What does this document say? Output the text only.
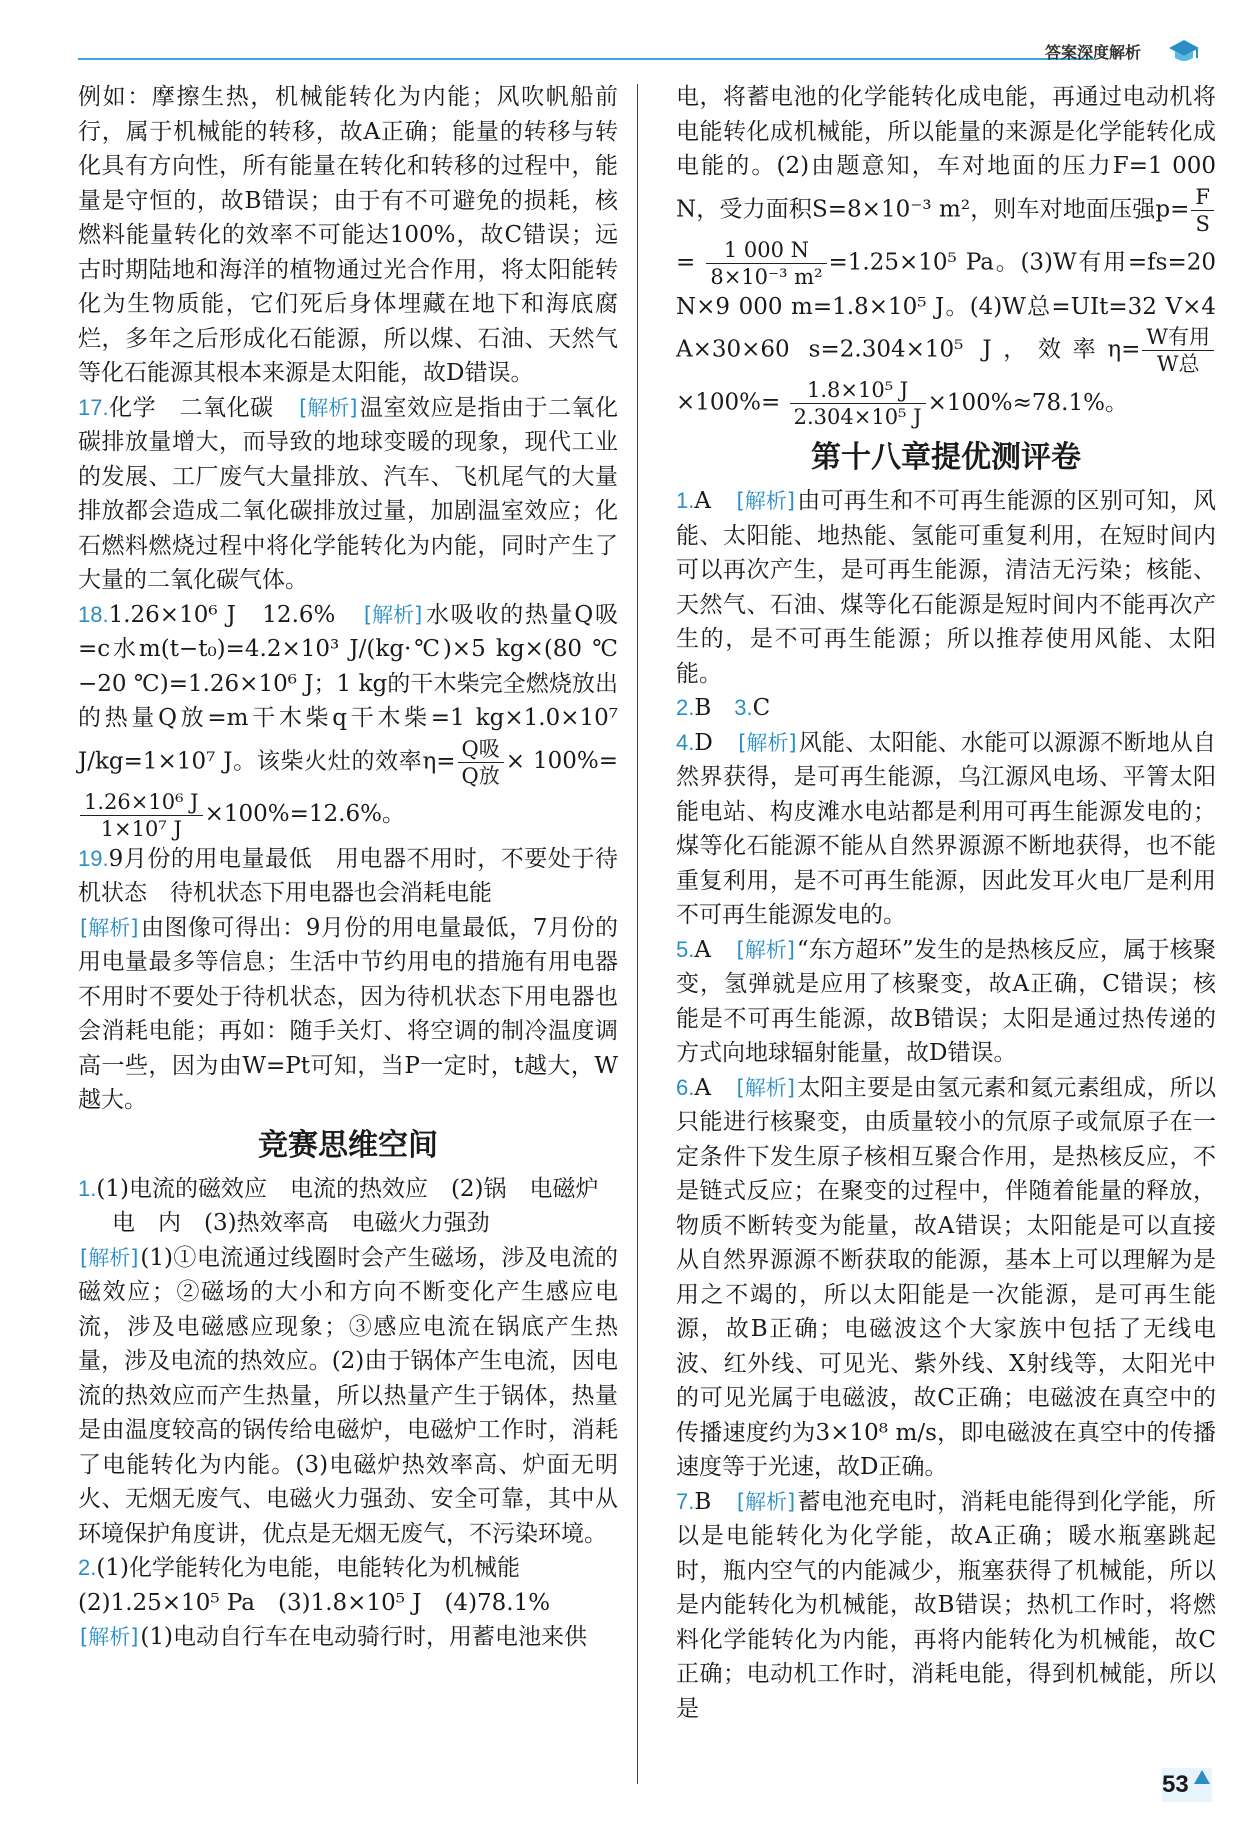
答案深度解析

例如：摩擦生热，机械能转化为内能；风吹帆船前行，属于机械能的转移，故A正确；能量的转移与转化具有方向性，所有能量在转化和转移的过程中，能量是守恒的，故B错误；由于有不可避免的损耗，核燃料能量转化的效率不可能达100%，故C错误；远古时期陆地和海洋的植物通过光合作用，将太阳能转化为生物质能，它们死后身体埋藏在地下和海底腐烂，多年之后形成化石能源，所以煤、石油、天然气等化石能源其根本来源是太阳能，故D错误。

17.化学　二氧化碳　 [ 解析 ] 温室效应是指由于二氧化碳排放量增大，而导致的地球变暖的现象，现代工业的发展、工厂废气大量排放、汽车、飞机尾气的大量排放都会造成二氧化碳排放过量，加剧温室效应；化石燃料燃烧过程中将化学能转化为内能，同时产生了大量的二氧化碳气体。

18.1.26×10⁶ J　12.6%　 [ 解析 ] 水吸收的热量Q吸=c水m(t−t₀)=4.2×10³ J/(kg·℃)×5 kg×(80 ℃−20 ℃)=1.26×10⁶ J；1 kg的干木柴完全燃烧放出的热量Q放=m干木柴q干木柴=1 kg×1.0×10⁷ J/kg=1×10⁷ J。该柴火灶的效率$\eta= \frac{\text{Q吸}}{\text{Q放}} \times 100\%=$
$\frac{\text{1.26×10⁶ J}}{\text{1×10⁷ J}} \times 100\%=12.6\%$。

19.9月份的用电量最低　用电器不用时，不要处于待机状态　待机状态下用电器也会消耗电能
[ 解析 ] 由图像可得出：9月份的用电量最低，7月份的用电量最多等信息；生活中节约用电的措施有用电器不用时不要处于待机状态，因为待机状态下用电器也会消耗电能；再如：随手关灯、将空调的制冷温度调高一些，因为由W=Pt可知，当P一定时，t越大，W越大。

竞赛思维空间

1.(1)电流的磁效应　电流的热效应　(2)锅　电磁炉
电　内　(3)热效率高　电磁火力强劲
[ 解析 ] (1)①电流通过线圈时会产生磁场，涉及电流的磁效应；②磁场的大小和方向不断变化产生感应电流，涉及电磁感应现象；③感应电流在锅底产生热量，涉及电流的热效应。(2)由于锅体产生电流，因电流的热效应而产生热量，所以热量产生于锅体，热量是由温度较高的锅传给电磁炉，电磁炉工作时，消耗了电能转化为内能。(3)电磁炉热效率高、炉面无明火、无烟无废气、电磁火力强劲、安全可靠，其中从环境保护角度讲，优点是无烟无废气，不污染环境。

2.(1)化学能转化为电能，电能转化为机械能
(2)1.25×10⁵ Pa　(3)1.8×10⁵ J　(4)78.1%
[ 解析 ] (1)电动自行车在电动骑行时，用蓄电池来供

电，将蓄电池的化学能转化成电能，再通过电动机将电能转化成机械能，所以能量的来源是化学能转化成电能的。(2)由题意知，车对地面的压力F=1 000 N，受力面积S=8×10⁻³ m²，则车对地面压强$p= \frac{F}{S}$
= $\frac{1 000 N}{\text{8×10⁻³ m²}} =1.25\times 10^5$ Pa。(3)W有用=fs=20 N×9 000 m=1.8×10⁵ J。(4)W总=UIt=32 V×4 A×30×60 s=2.304×10⁵ J，效率$\eta= \frac{\text{W有用}}{\text{W总}}$
$\times 100\%= \frac{\text{1.8×10⁵ J}}{\text{2.304×10⁵ J}} \times 100\%\approx 78.1\%$。

第十八章提优测评卷

1.A　 [ 解析 ] 由可再生和不可再生能源的区别可知，风能、太阳能、地热能、氢能可重复利用，在短时间内可以再次产生，是可再生能源，清洁无污染；核能、天然气、石油、煤等化石能源是短时间内不能再次产生的，是不可再生能源；所以推荐使用风能、太阳能。

2.B　 3.C

4.D　 [ 解析 ] 风能、太阳能、水能可以源源不断地从自然界获得，是可再生能源，乌江源风电场、平箐太阳能电站、构皮滩水电站都是利用可再生能源发电的；煤等化石能源不能从自然界源源不断地获得，也不能重复利用，是不可再生能源，因此发耳火电厂是利用不可再生能源发电的。

5.A　 [ 解析 ] “东方超环”发生的是热核反应，属于核聚变，氢弹就是应用了核聚变，故A正确，C错误；核能是不可再生能源，故B错误；太阳是通过热传递的方式向地球辐射能量，故D错误。

6.A　 [ 解析 ] 太阳主要是由氢元素和氦元素组成，所以只能进行核聚变，由质量较小的氘原子或氚原子在一定条件下发生原子核相互聚合作用，是热核反应，不是链式反应；在聚变的过程中，伴随着能量的释放，物质不断转变为能量，故A错误；太阳能是可以直接从自然界源源不断获取的能源，基本上可以理解为是用之不竭的，所以太阳能是一次能源，是可再生能源，故B正确；电磁波这个大家族中包括了无线电波、红外线、可见光、紫外线、X射线等，太阳光中的可见光属于电磁波，故C正确；电磁波在真空中的传播速度约为3×10⁸ m/s，即电磁波在真空中的传播速度等于光速，故D正确。

7.B　 [ 解析 ] 蓄电池充电时，消耗电能得到化学能，所以是电能转化为化学能，故A正确；暖水瓶塞跳起时，瓶内空气的内能减少，瓶塞获得了机械能，所以是内能转化为机械能，故B错误；热机工作时，将燃料化学能转化为内能，再将内能转化为机械能，故C正确；电动机工作时，消耗电能，得到机械能，所以是

53
